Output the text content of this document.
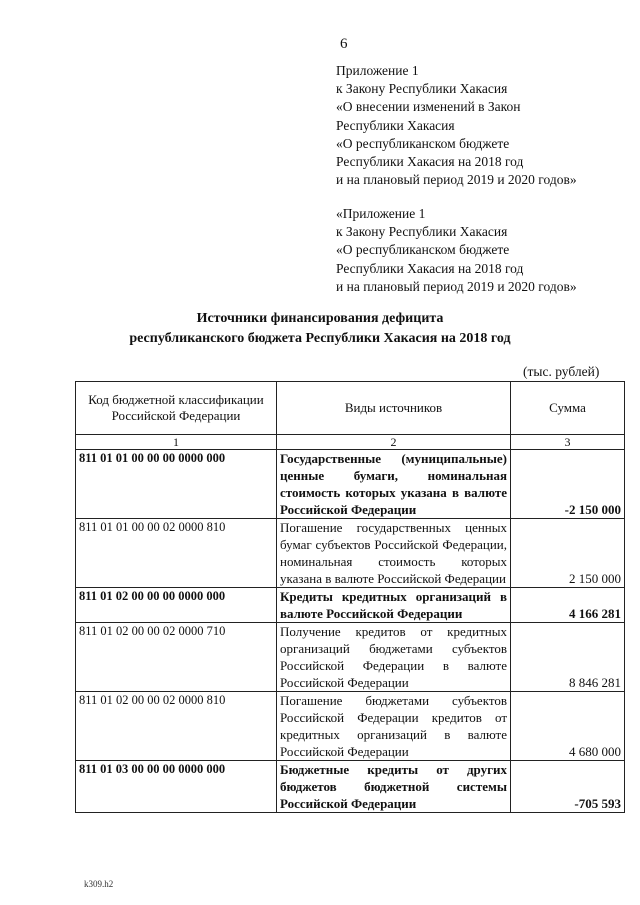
6
Приложение 1
к Закону Республики Хакасия
«О внесении изменений в Закон
Республики Хакасия
«О республиканском бюджете
Республики Хакасия на 2018 год
и на плановый период 2019 и 2020 годов»
«Приложение 1
к Закону Республики Хакасия
«О республиканском бюджете
Республики Хакасия на 2018 год
и на плановый период 2019 и 2020 годов»
Источники финансирования дефицита
республиканского бюджета Республики Хакасия на 2018 год
(тыс. рублей)
Код бюджетной классификации Российской Федерации	Виды источников	Сумма
1	2	3
811 01 01 00 00 00 0000 000	Государственные (муниципальные) ценные бумаги, номинальная стоимость которых указана в валюте Российской Федерации	-2 150 000
811 01 01 00 00 02 0000 810	Погашение государственных ценных бумаг субъектов Российской Федерации, номинальная стоимость которых указана в валюте Российской Федерации	2 150 000
811 01 02 00 00 00 0000 000	Кредиты кредитных организаций в валюте Российской Федерации	4 166 281
811 01 02 00 00 02 0000 710	Получение кредитов от кредитных организаций бюджетами субъектов Российской Федерации в валюте Российской Федерации	8 846 281
811 01 02 00 00 02 0000 810	Погашение бюджетами субъектов Российской Федерации кредитов от кредитных организаций в валюте Российской Федерации	4 680 000
811 01 03 00 00 00 0000 000	Бюджетные кредиты от других бюджетов бюджетной системы Российской Федерации	-705 593
k309.h2
